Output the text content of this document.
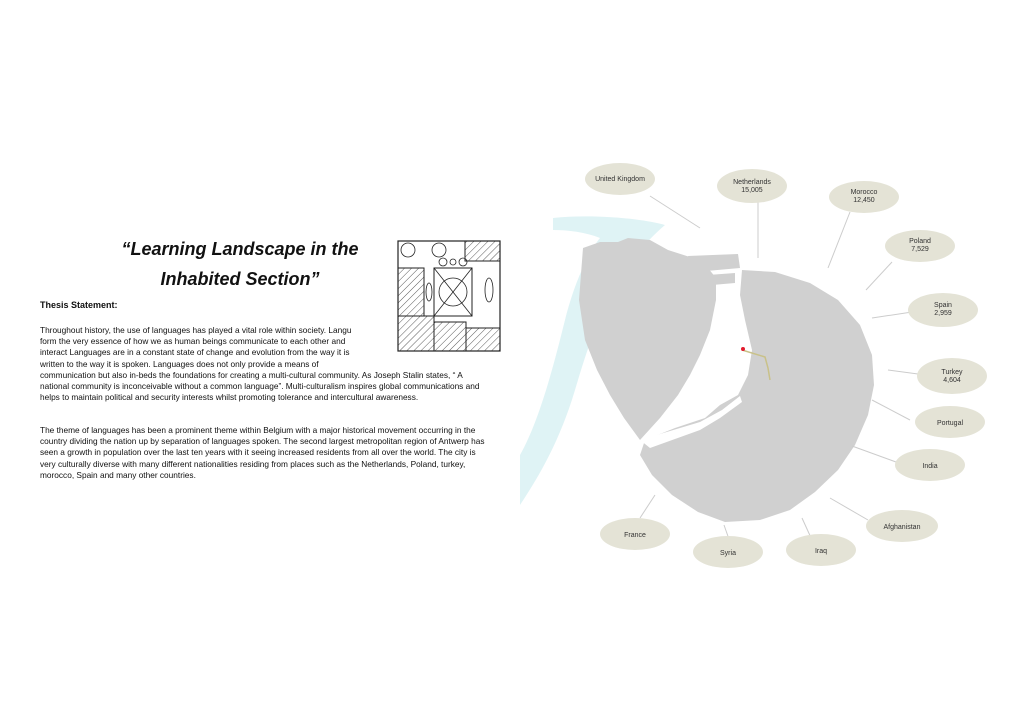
“Learning Landscape in the
Inhabited Section”
Thesis Statement:
Throughout history, the use of languages has played a vital role within society. Langu form the very essence of how we as human beings communicate to each other and interact Languages are in a constant state of change and evolution from the way it is written to the way it is spoken. Languages does not only provide a means of communication but also in-beds the foundations for creating a multi-cultural community. As Joseph Stalin states, “ A national community is inconceivable without a common language”. Multi-culturalism inspires global communications and helps to maintain political and security interests whilst promoting tolerance and intercultural awareness.
The theme of languages has been a prominent theme within Belgium with a major historical movement occurring in the country dividing the nation up by separation of languages spoken. The second largest metropolitan region of Antwerp has seen a growth in population over the last ten years with it seeing increased residents from all over the world. The city is very culturally diverse with many different nationalities residing from places such as the Netherlands, Poland, turkey, morocco, Spain and many other countries.
United Kingdom	Netherlands
15,005	Morocco
12,450
Poland
7,529
Spain
2,959
Turkey
4,604
Portugal
India
Afghanistan
Iraq
Syria
France
